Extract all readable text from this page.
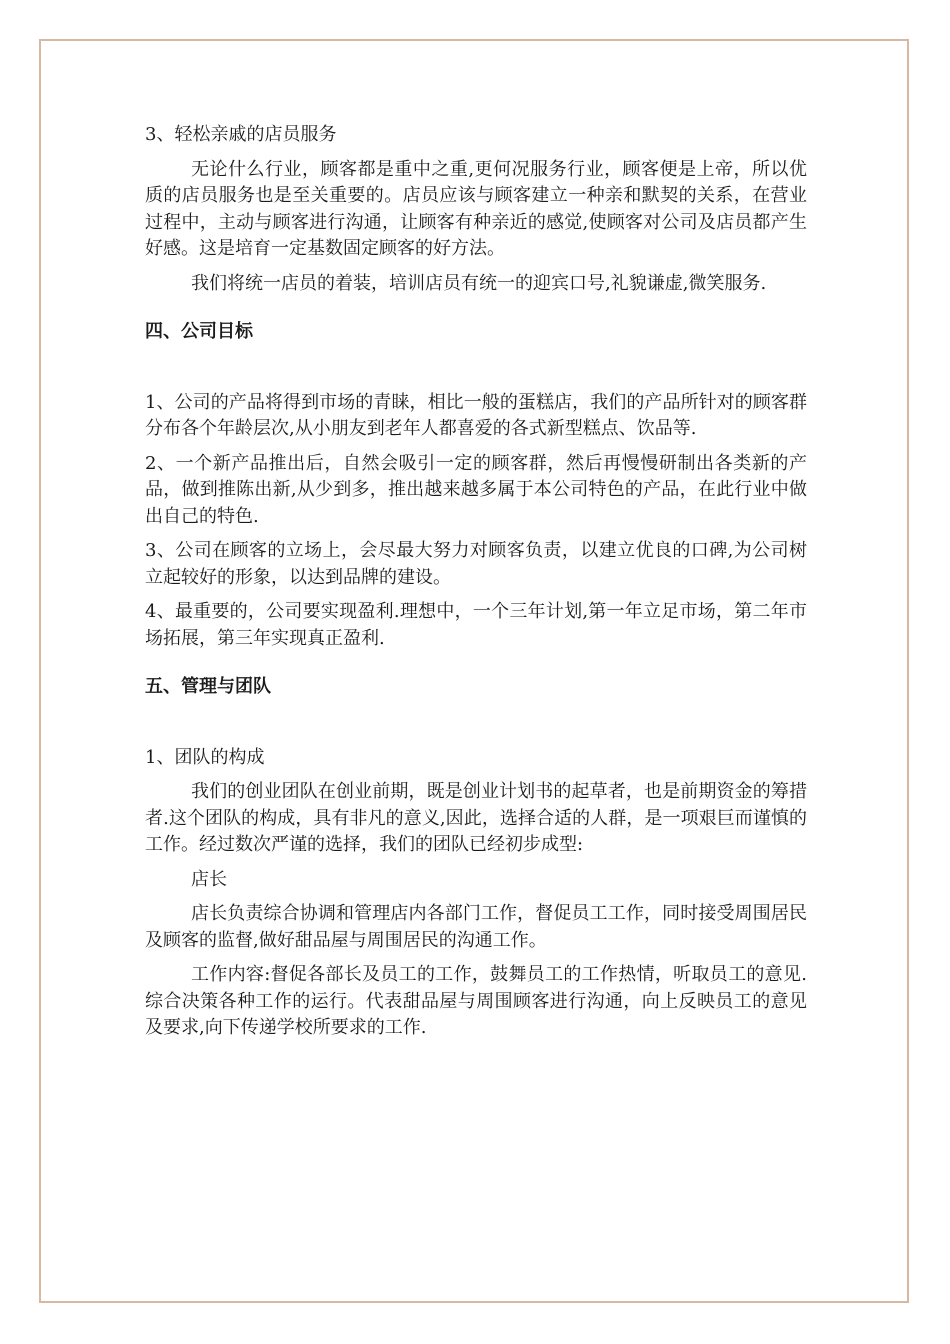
3、轻松亲戚的店员服务

无论什么行业，顾客都是重中之重,更何况服务行业，顾客便是上帝，所以优质的店员服务也是至关重要的。店员应该与顾客建立一种亲和默契的关系，在营业过程中，主动与顾客进行沟通，让顾客有种亲近的感觉,使顾客对公司及店员都产生好感。这是培育一定基数固定顾客的好方法。

我们将统一店员的着装，培训店员有统一的迎宾口号,礼貌谦虚,微笑服务.

四、公司目标

1、公司的产品将得到市场的青睐，相比一般的蛋糕店，我们的产品所针对的顾客群分布各个年龄层次,从小朋友到老年人都喜爱的各式新型糕点、饮品等.

2、一个新产品推出后，自然会吸引一定的顾客群，然后再慢慢研制出各类新的产品，做到推陈出新,从少到多，推出越来越多属于本公司特色的产品，在此行业中做出自己的特色.

3、公司在顾客的立场上，会尽最大努力对顾客负责，以建立优良的口碑,为公司树立起较好的形象，以达到品牌的建设。

4、最重要的，公司要实现盈利.理想中，一个三年计划,第一年立足市场，第二年市场拓展，第三年实现真正盈利.

五、管理与团队

1、团队的构成

我们的创业团队在创业前期，既是创业计划书的起草者，也是前期资金的筹措者.这个团队的构成，具有非凡的意义,因此，选择合适的人群，是一项艰巨而谨慎的工作。经过数次严谨的选择，我们的团队已经初步成型:

店长

店长负责综合协调和管理店内各部门工作，督促员工工作，同时接受周围居民及顾客的监督,做好甜品屋与周围居民的沟通工作。

工作内容:督促各部长及员工的工作，鼓舞员工的工作热情，听取员工的意见.综合决策各种工作的运行。代表甜品屋与周围顾客进行沟通，向上反映员工的意见及要求,向下传递学校所要求的工作.
